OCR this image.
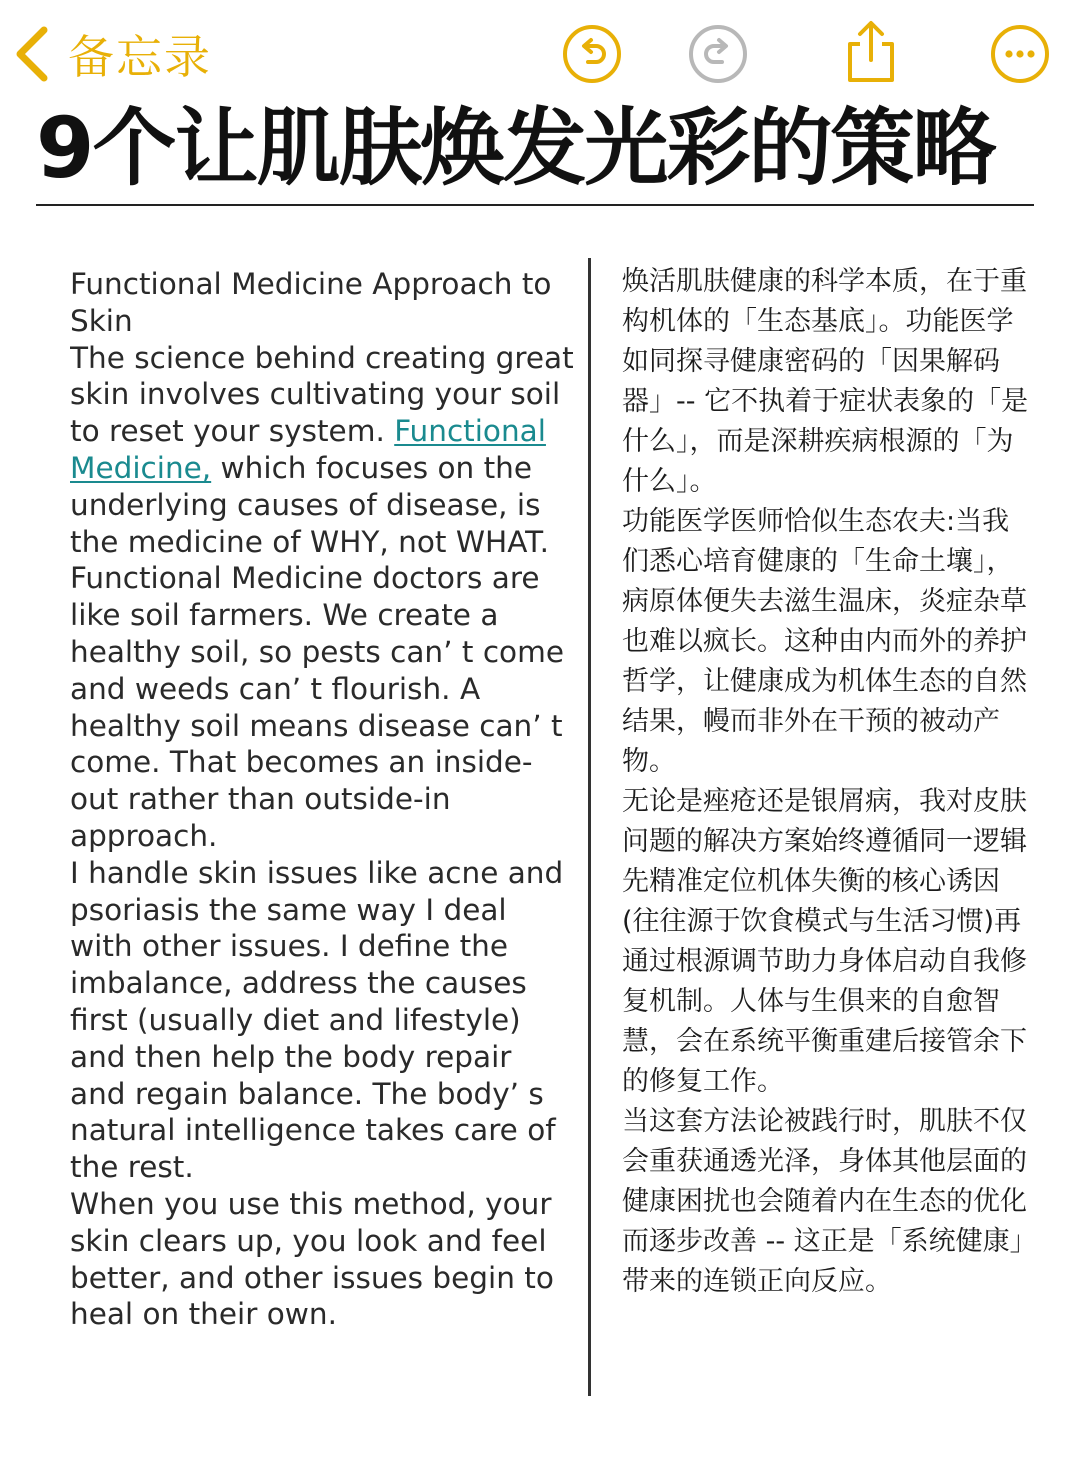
备忘录
9个让肌肤焕发光彩的策略

Functional Medicine Approach to Skin

The science behind creating great skin involves cultivating your soil to reset your system. Functional Medicine, which focuses on the underlying causes of disease, is the medicine of WHY, not WHAT.

Functional Medicine doctors are like soil farmers. We create a healthy soil, so pests can’ t come and weeds can’ t flourish. A healthy soil means disease can’ t come. That becomes an inside-out rather than outside-in approach.

I handle skin issues like acne and psoriasis the same way I deal with other issues. I define the imbalance, address the causes first (usually diet and lifestyle) and then help the body repair and regain balance. The body’ s natural intelligence takes care of the rest.

When you use this method, your skin clears up, you look and feel better, and other issues begin to heal on their own.

焕活肌肤健康的科学本质，在于重构机体的「生态基底」。功能医学如同探寻健康密码的「因果解码器」-- 它不执着于症状表象的「是什么」，而是深耕疾病根源的「为什么」。

功能医学医师恰似生态农夫:当我们悉心培育健康的「生命土壤」，病原体便失去滋生温床，炎症杂草也难以疯长。这种由内而外的养护哲学，让健康成为机体生态的自然结果，幔而非外在干预的被动产物。

无论是痤疮还是银屑病，我对皮肤问题的解决方案始终遵循同一逻辑先精准定位机体失衡的核心诱因(往往源于饮食模式与生活习惯)再通过根源调节助力身体启动自我修复机制。人体与生俱来的自愈智慧，会在系统平衡重建后接管余下的修复工作。

当这套方法论被践行时，肌肤不仅会重获通透光泽，身体其他层面的健康困扰也会随着内在生态的优化而逐步改善 -- 这正是「系统健康」带来的连锁正向反应。
